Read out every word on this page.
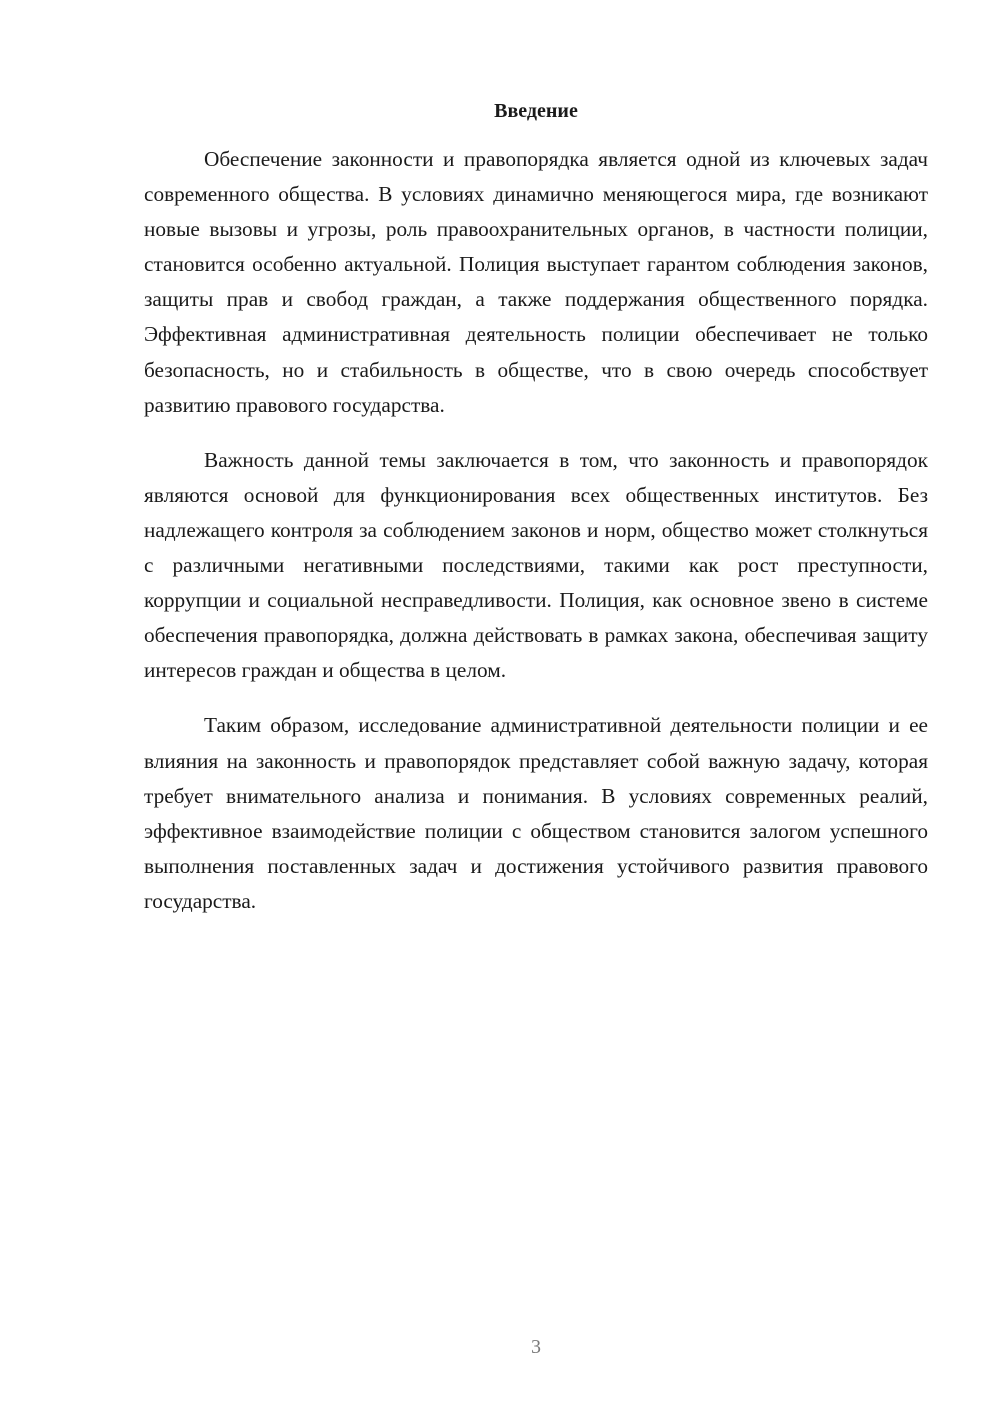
Введение

Обеспечение законности и правопорядка является одной из ключевых задач современного общества. В условиях динамично меняющегося мира, где возникают новые вызовы и угрозы, роль правоохранительных органов, в частности полиции, становится особенно актуальной. Полиция выступает гарантом соблюдения законов, защиты прав и свобод граждан, а также поддержания общественного порядка. Эффективная административная деятельность полиции обеспечивает не только безопасность, но и стабильность в обществе, что в свою очередь способствует развитию правового государства.

Важность данной темы заключается в том, что законность и правопорядок являются основой для функционирования всех общественных институтов. Без надлежащего контроля за соблюдением законов и норм, общество может столкнуться с различными негативными последствиями, такими как рост преступности, коррупции и социальной несправедливости. Полиция, как основное звено в системе обеспечения правопорядка, должна действовать в рамках закона, обеспечивая защиту интересов граждан и общества в целом.

Таким образом, исследование административной деятельности полиции и ее влияния на законность и правопорядок представляет собой важную задачу, которая требует внимательного анализа и понимания. В условиях современных реалий, эффективное взаимодействие полиции с обществом становится залогом успешного выполнения поставленных задач и достижения устойчивого развития правового государства.

3
